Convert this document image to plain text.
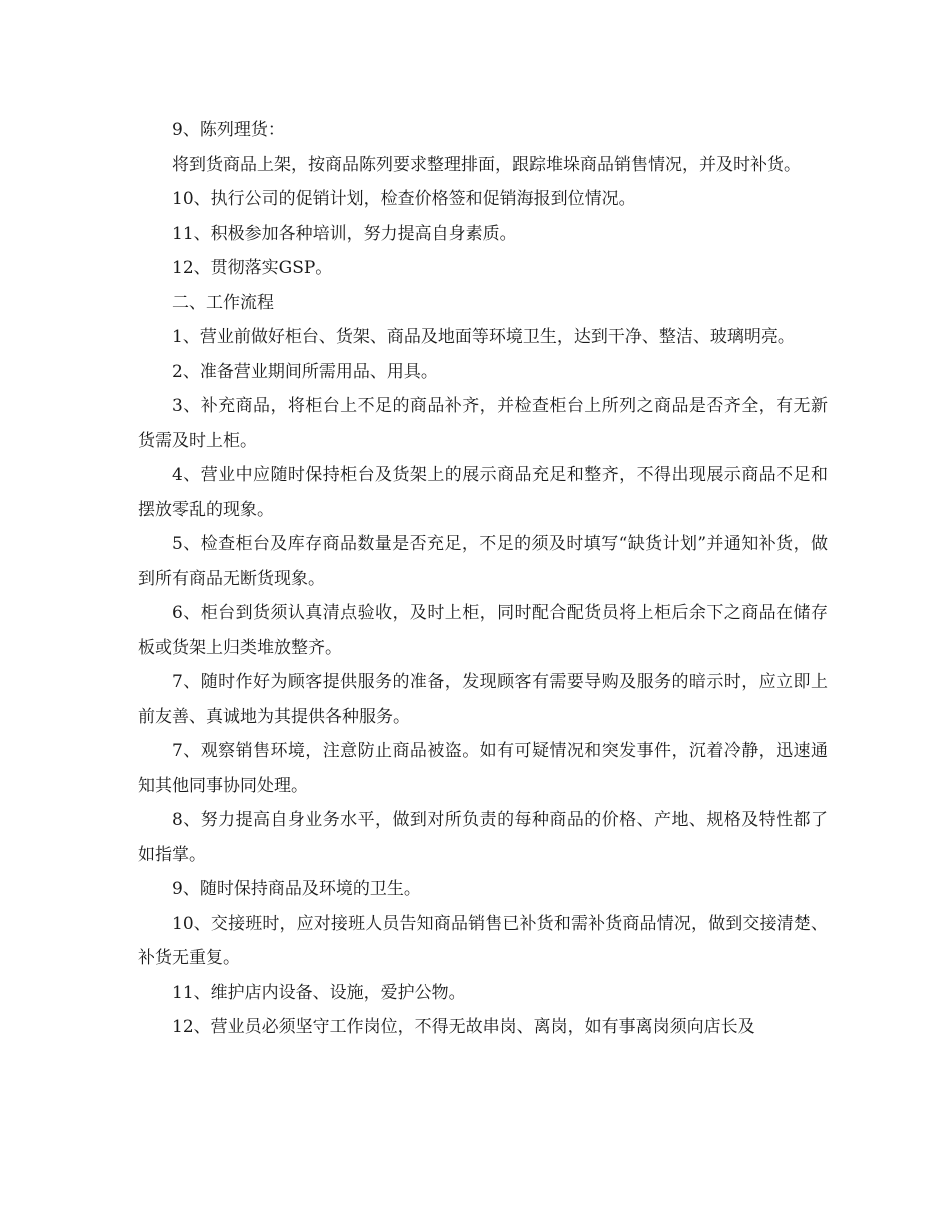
9、陈列理货：

将到货商品上架，按商品陈列要求整理排面，跟踪堆垛商品销售情况，并及时补货。

10、执行公司的促销计划，检查价格签和促销海报到位情况。

11、积极参加各种培训，努力提高自身素质。

12、贯彻落实GSP。

二、工作流程

1、营业前做好柜台、货架、商品及地面等环境卫生，达到干净、整洁、玻璃明亮。

2、准备营业期间所需用品、用具。

3、补充商品，将柜台上不足的商品补齐，并检查柜台上所列之商品是否齐全，有无新货需及时上柜。

4、营业中应随时保持柜台及货架上的展示商品充足和整齐，不得出现展示商品不足和摆放零乱的现象。

5、检查柜台及库存商品数量是否充足，不足的须及时填写“缺货计划”并通知补货，做到所有商品无断货现象。

6、柜台到货须认真清点验收，及时上柜，同时配合配货员将上柜后余下之商品在储存板或货架上归类堆放整齐。

7、随时作好为顾客提供服务的准备，发现顾客有需要导购及服务的暗示时，应立即上前友善、真诚地为其提供各种服务。

7、观察销售环境，注意防止商品被盗。如有可疑情况和突发事件，沉着冷静，迅速通知其他同事协同处理。

8、努力提高自身业务水平，做到对所负责的每种商品的价格、产地、规格及特性都了如指掌。

9、随时保持商品及环境的卫生。

10、交接班时，应对接班人员告知商品销售已补货和需补货商品情况，做到交接清楚、补货无重复。

11、维护店内设备、设施，爱护公物。

12、营业员必须坚守工作岗位，不得无故串岗、离岗，如有事离岗须向店长及
